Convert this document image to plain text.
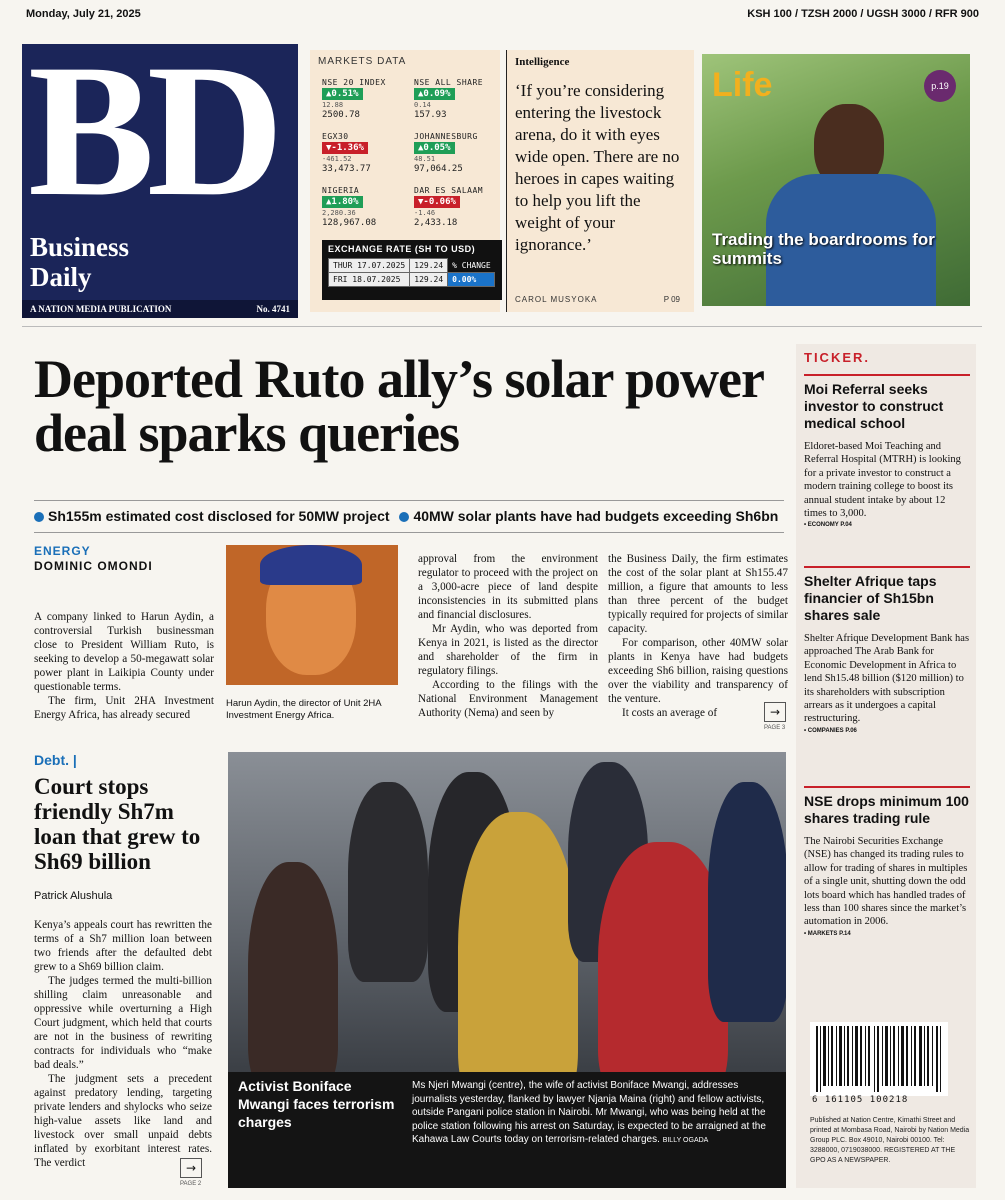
Monday, July 21, 2025	KSH 100 / TZSH 2000 / UGSH 3000 / RFR 900
BD
Business
Daily
A NATION MEDIA PUBLICATION	No. 4741
MARKETS DATA
NSE 20 INDEX
▲0.51%
12.88
2500.78
NSE ALL SHARE
▲0.09%
0.14
157.93
EGX30
▼-1.36%
-461.52
33,473.77
JOHANNESBURG
▲0.05%
48.51
97,064.25
NIGERIA
▲1.80%
2,280.36
128,967.08
DAR ES SALAAM
▼-0.06%
-1.46
2,433.18
EXCHANGE RATE (SH TO USD)
THUR 17.07.2025	129.24	% CHANGE
FRI 18.07.2025	129.24	0.00%
Intelligence
‘If you’re considering entering the livestock arena, do it with eyes wide open. There are no heroes in capes waiting to help you lift the weight of your ignorance.’
CAROL MUSYOKA	P 09
Life	p.19
Trading the boardrooms for summits
Deported Ruto ally’s solar power deal sparks queries
Sh155m estimated cost disclosed for 50MW project 40MW solar plants have had budgets exceeding Sh6bn
ENERGY
DOMINIC OMONDI

A company linked to Harun Aydin, a controversial Turkish businessman close to President William Ruto, is seeking to develop a 50-megawatt solar power plant in Laikipia County under questionable terms.

The firm, Unit 2HA Investment Energy Africa, has already secured

Harun Aydin, the director of Unit 2HA Investment Energy Africa.

approval from the environment regulator to proceed with the project on a 3,000-acre piece of land despite inconsistencies in its submitted plans and financial disclosures.

Mr Aydin, who was deported from Kenya in 2021, is listed as the director and shareholder of the firm in regulatory filings.

According to the filings with the National Environment Management Authority (Nema) and seen by

the Business Daily, the firm estimates the cost of the solar plant at Sh155.47 million, a figure that amounts to less than three percent of the budget typically required for projects of similar capacity.

For comparison, other 40MW solar plants in Kenya have had budgets exceeding Sh6 billion, raising questions over the viability and transparency of the venture.

It costs an average of	→
PAGE 3
Debt. |
Court stops friendly Sh7m loan that grew to Sh69 billion
Patrick Alushula

Kenya’s appeals court has rewritten the terms of a Sh7 million loan between two friends after the defaulted debt grew to a Sh69 billion claim.

The judges termed the multi-billion shilling claim unreasonable and oppressive while overturning a High Court judgment, which held that courts are not in the business of rewriting contracts for individuals who “make bad deals.”

The judgment sets a precedent against predatory lending, targeting private lenders and shylocks who seize high-value assets like land and livestock over small unpaid debts inflated by exorbitant interest rates. The verdict	→
PAGE 2
Activist Boniface Mwangi faces terrorism charges
Ms Njeri Mwangi (centre), the wife of activist Boniface Mwangi, addresses journalists yesterday, flanked by lawyer Njanja Maina (right) and fellow activists, outside Pangani police station in Nairobi. Mr Mwangi, who was being held at the police station following his arrest on Saturday, is expected to be arraigned at the Kahawa Law Courts today on terrorism-related charges. BILLY OGADA
TICKER.
Moi Referral seeks investor to construct medical school

Eldoret-based Moi Teaching and Referral Hospital (MTRH) is looking for a private investor to construct a modern training college to boost its annual student intake by about 12 times to 3,000.

• ECONOMY P.04
Shelter Afrique taps financier of Sh15bn shares sale

Shelter Afrique Development Bank has approached The Arab Bank for Economic Development in Africa to lend Sh15.48 billion ($120 million) to its shareholders with subscription arrears as it undergoes a capital restructuring.

• COMPANIES P.06
NSE drops minimum 100 shares trading rule

The Nairobi Securities Exchange (NSE) has changed its trading rules to allow for trading of shares in multiples of a single unit, shutting down the odd lots board which has handled trades of less than 100 shares since the market’s automation in 2006.

• MARKETS P.14
6 161105 100218
Published at Nation Centre, Kimathi Street and printed at Mombasa Road, Nairobi by Nation Media Group PLC. Box 49010, Nairobi 00100. Tel: 3288000, 0719038000. REGISTERED AT THE GPO AS A NEWSPAPER.
